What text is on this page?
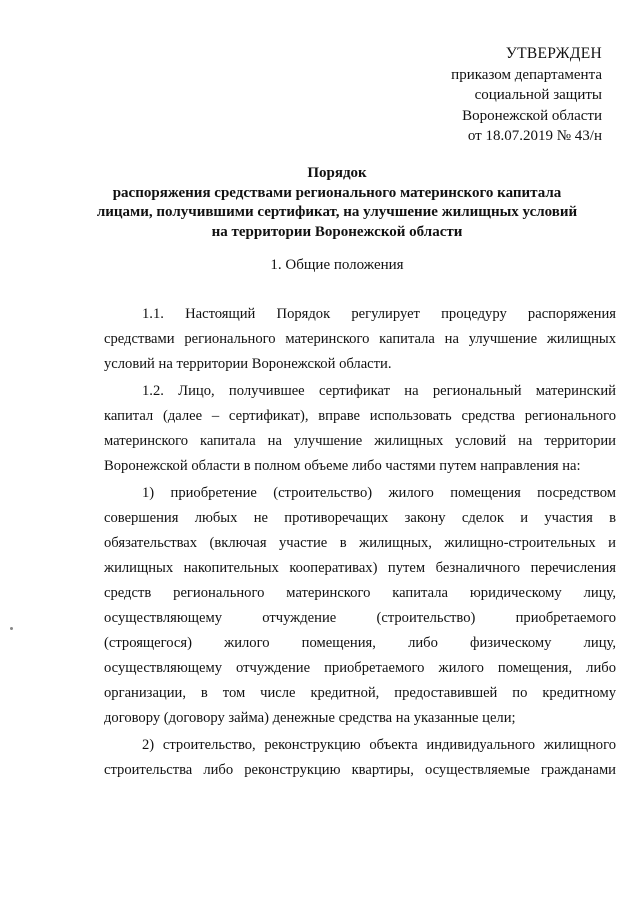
УТВЕРЖДЕН
приказом департамента
социальной защиты
Воронежской области
от 18.07.2019 № 43/н
Порядок
распоряжения средствами регионального материнского капитала
лицами, получившими сертификат, на улучшение жилищных условий
на территории Воронежской области
1. Общие положения
1.1. Настоящий Порядок регулирует процедуру распоряжения
средствами регионального материнского капитала на улучшение жилищных
условий на территории Воронежской области.
1.2. Лицо, получившее сертификат на региональный материнский
капитал (далее – сертификат), вправе использовать средства регионального
материнского капитала на улучшение жилищных условий на территории
Воронежской области в полном объеме либо частями путем направления на:
1) приобретение (строительство) жилого помещения посредством
совершения любых не противоречащих закону сделок и участия в
обязательствах (включая участие в жилищных, жилищно-строительных и
жилищных накопительных кооперативах) путем безналичного перечисления
средств регионального материнского капитала юридическому лицу,
осуществляющему отчуждение (строительство) приобретаемого
(строящегося) жилого помещения, либо физическому лицу,
осуществляющему отчуждение приобретаемого жилого помещения, либо
организации, в том числе кредитной, предоставившей по кредитному
договору (договору займа) денежные средства на указанные цели;
2) строительство, реконструкцию объекта индивидуального жилищного
строительства либо реконструкцию квартиры, осуществляемые гражданами
